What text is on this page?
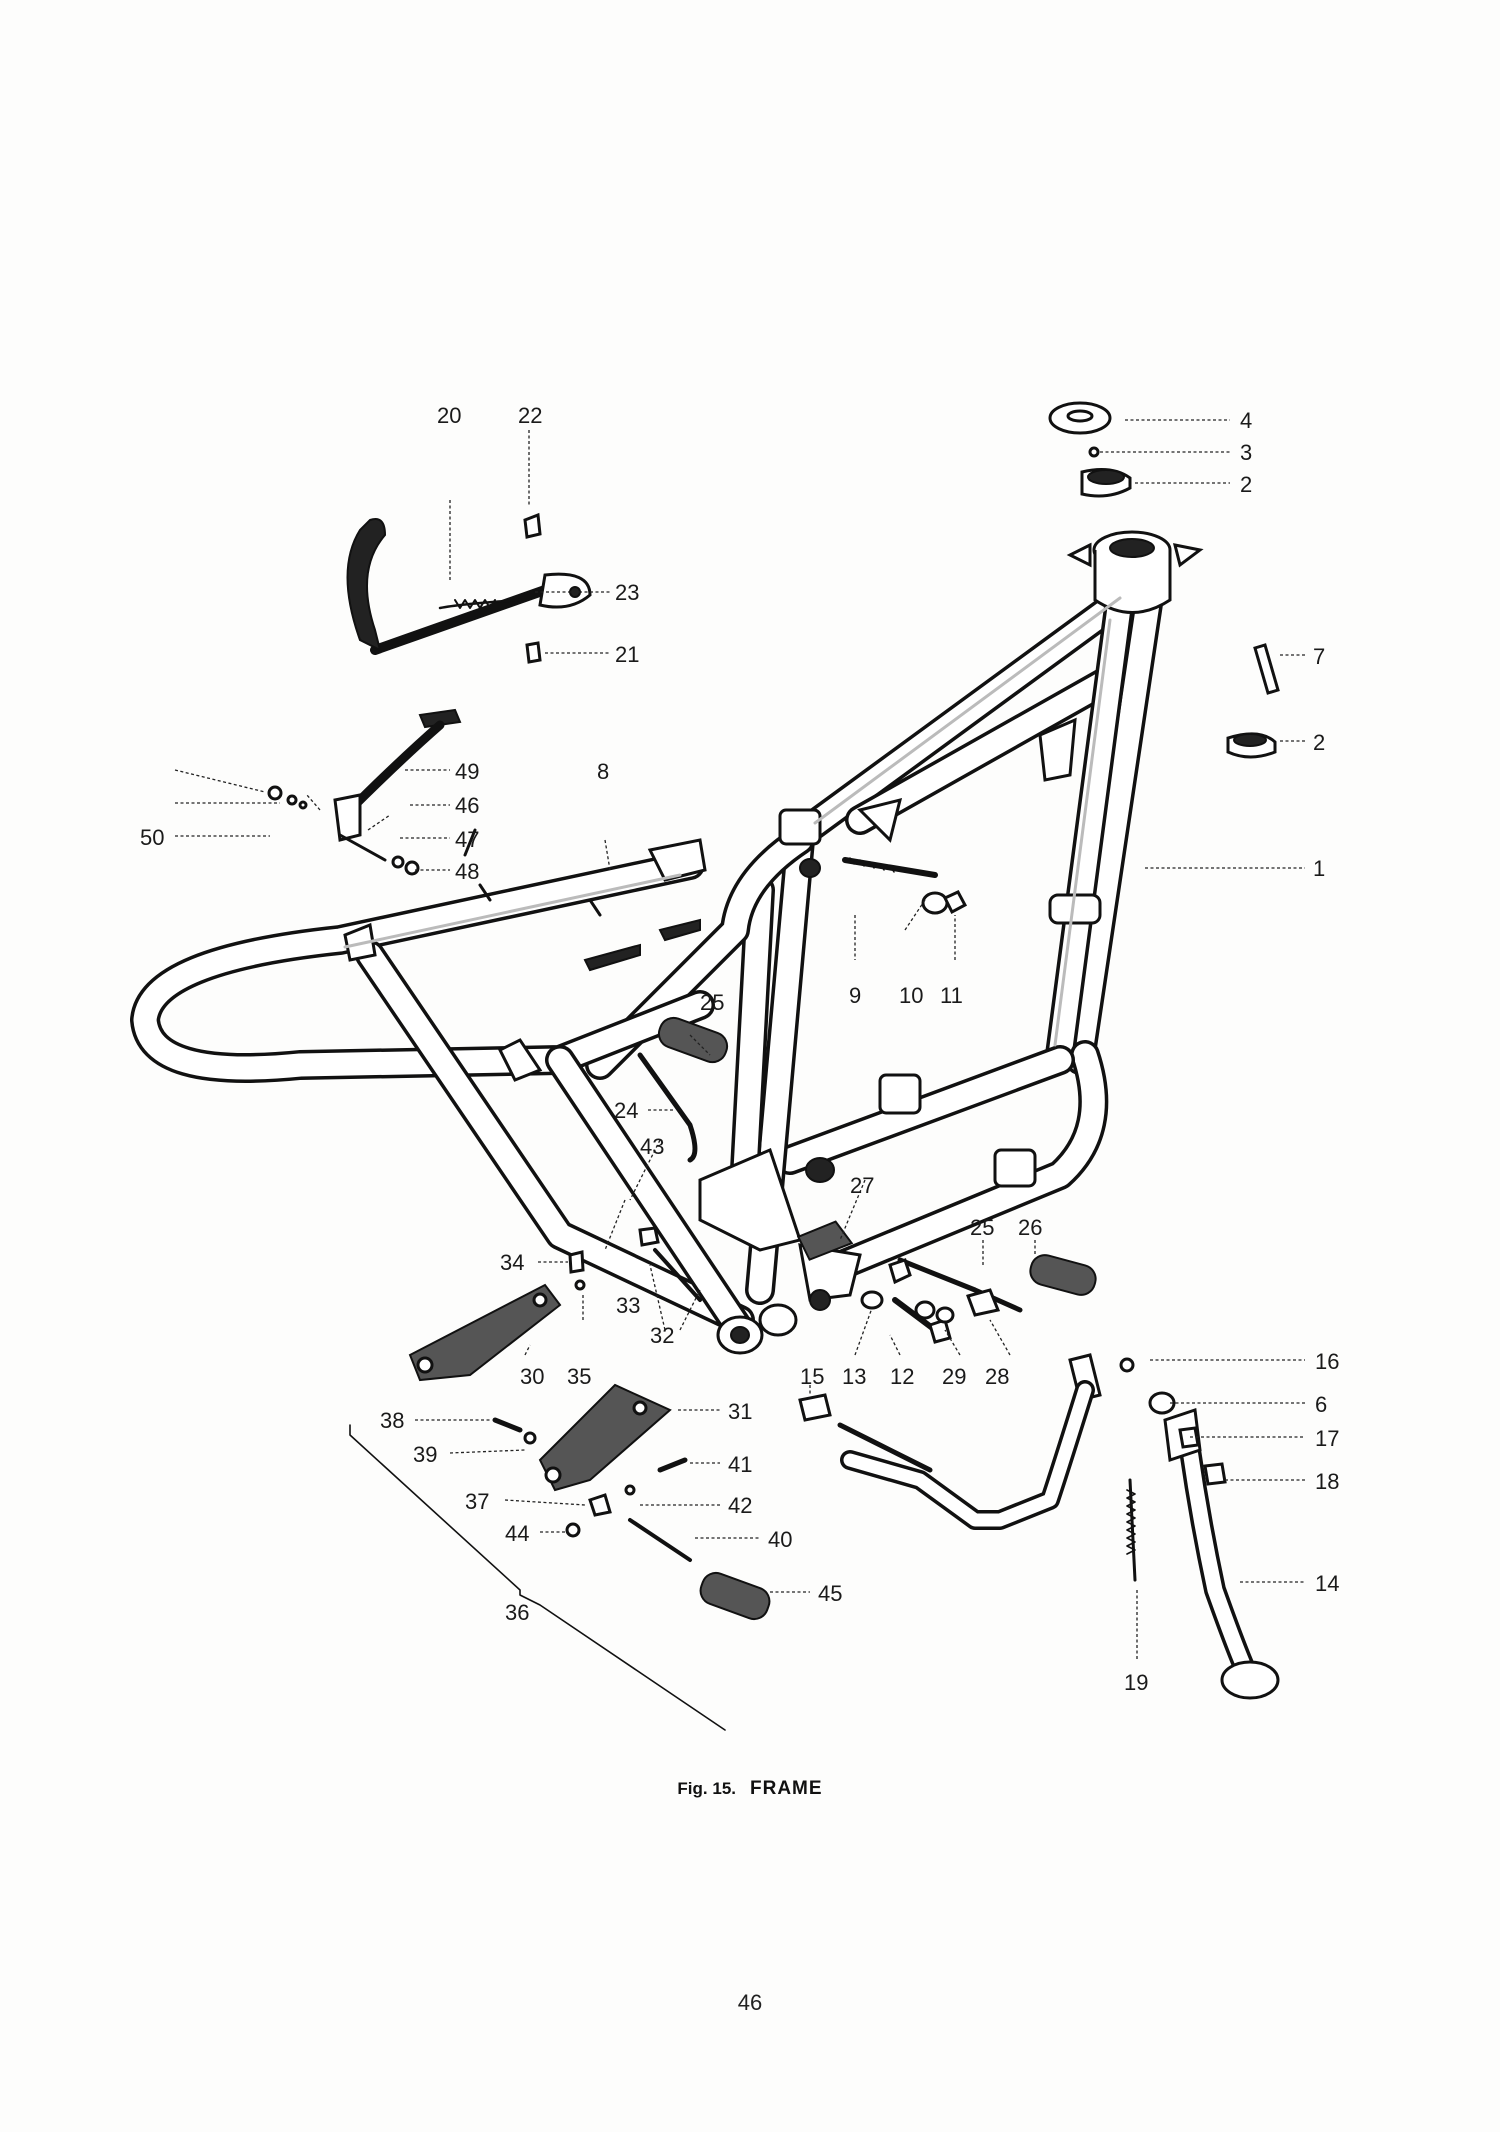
4
3
2
7
2
1
20	22
23
21
50
49
46
47
48
8
9 10 11
25
24
43
27
25 26
34
33
32
30 35	15 13 12 29 28
16
6
17
18
14
19
38
39
31
41
37	42
44	40
45
36
Fig. 15. FRAME
46
